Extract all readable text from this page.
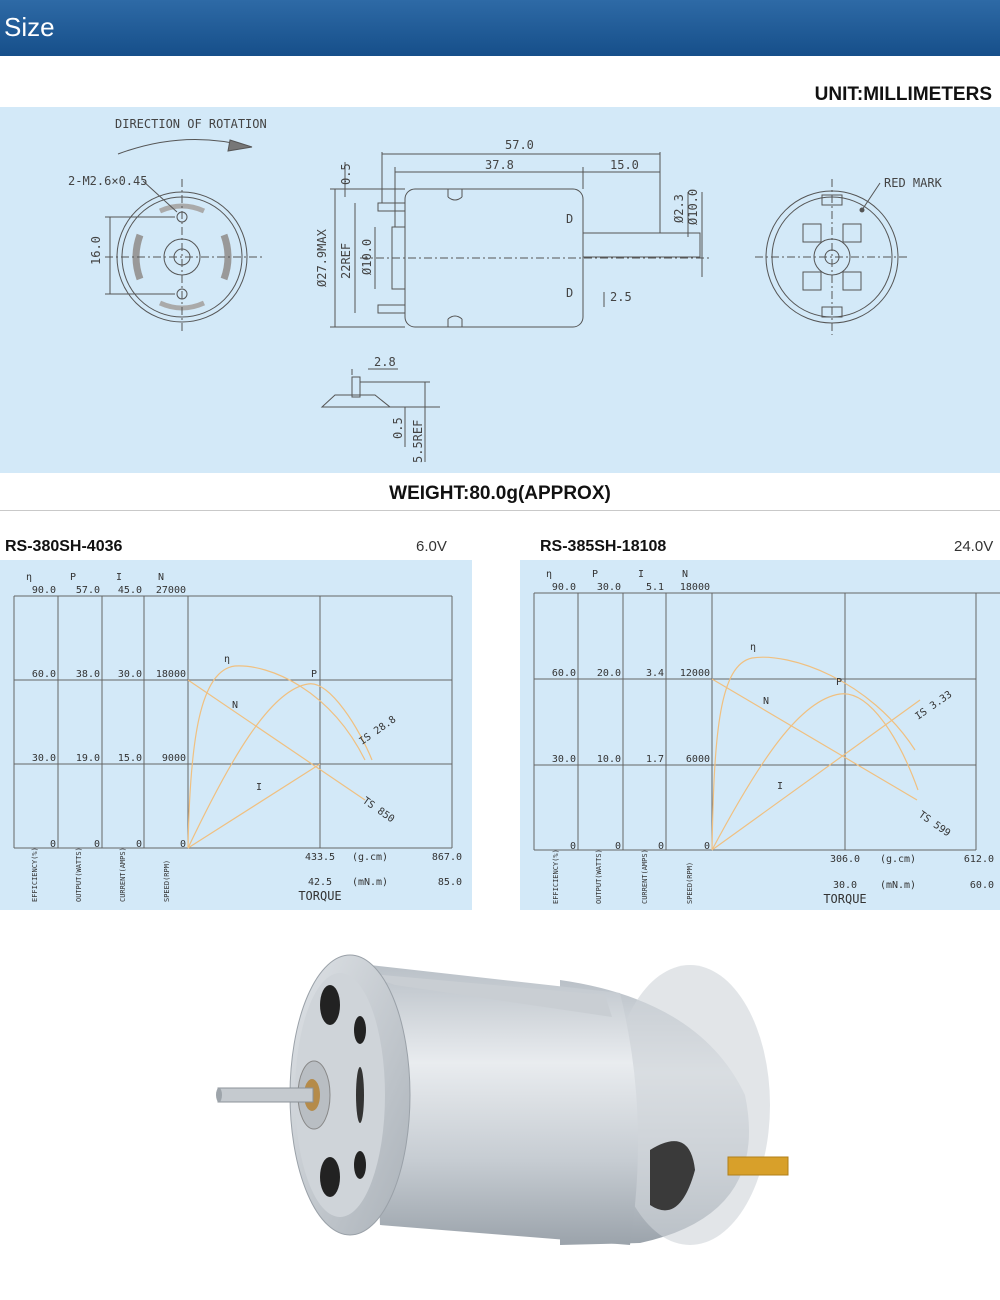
Size
UNIT:MILLIMETERS
DIRECTION OF ROTATION
2-M2.6×0.45
16.0
57.0
37.8	15.0
0.5
Ø27.9MAX 22REF Ø10.0
Ø2.3 Ø10.0
2.5
D
D
RED MARK
2.8
0.5 5.5REF
WEIGHT:80.0g(APPROX)
RS-380SH-4036	6.0V	RS-385SH-18108	24.0V
η	P	I	N
90.0
60.0
30.0
0
57.0
38.0
19.0
0
45.0
30.0
15.0
0
27000
18000
9000
0
433.5	867.0
(g.cm)
42.5	85.0
(mN.m)
TORQUE
EFFICIENCY(%)	OUTPUT(WATTS)	CURRENT(AMPS)	SPEED(RPM)
η
P
N
I
IS 28.8
TS 850
η	P	I	N
90.0
60.0
30.0
0
30.0
20.0
10.0
0
5.1
3.4
1.7
0
18000
12000
6000
0
306.0	612.0
(g.cm)
30.0	60.0
(mN.m)
TORQUE
EFFICIENCY(%)	OUTPUT(WATTS)	CURRENT(AMPS)	SPEED(RPM)
η
P
N
I
IS 3.33
TS 599
